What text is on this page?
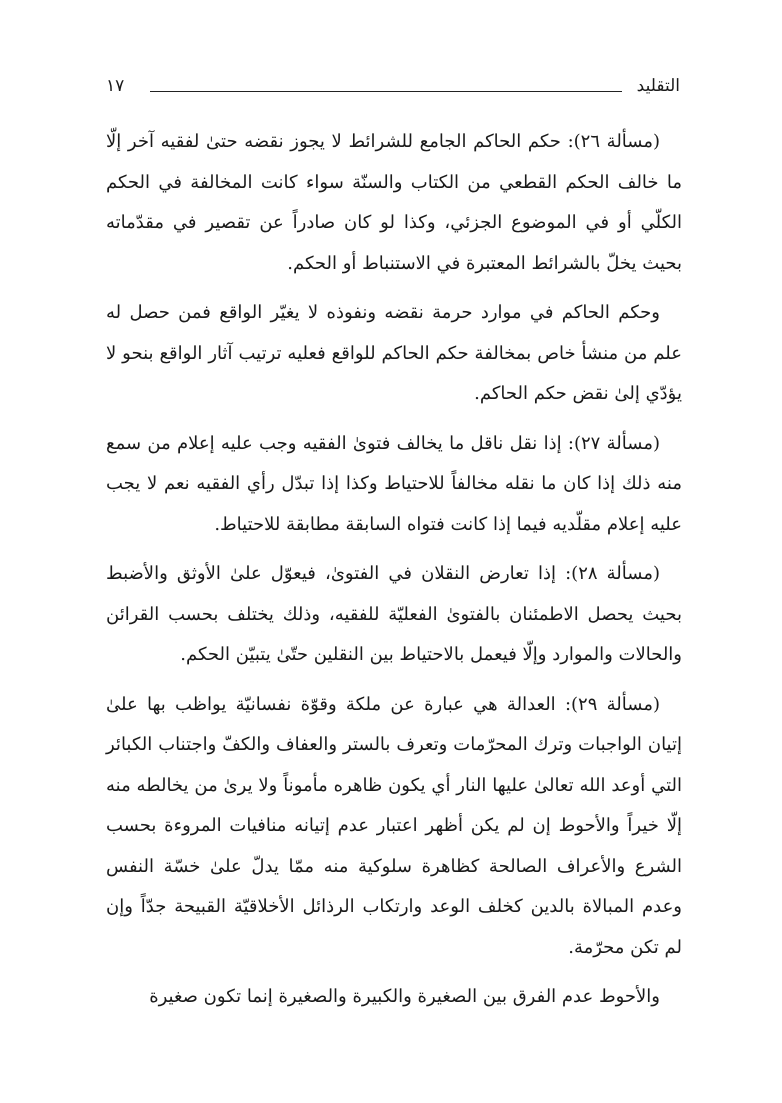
التقليد
١٧

(مسألة ٢٦): حكم الحاكم الجامع للشرائط لا يجوز نقضه حتىٰ لفقيه آخر إلّا ما خالف الحكم القطعي من الكتاب والسنّة سواء كانت المخالفة في الحكم الكلّي أو في الموضوع الجزئي، وكذا لو كان صادراً عن تقصير في مقدّماته بحيث يخلّ بالشرائط المعتبرة في الاستنباط أو الحكم.

وحكم الحاكم في موارد حرمة نقضه ونفوذه لا يغيّر الواقع فمن حصل له علم من منشأ خاص بمخالفة حكم الحاكم للواقع فعليه ترتيب آثار الواقع بنحو لا يؤدّي إلىٰ نقض حكم الحاكم.

(مسألة ٢٧): إذا نقل ناقل ما يخالف فتوىٰ الفقيه وجب عليه إعلام من سمع منه ذلك إذا كان ما نقله مخالفاً للاحتياط وكذا إذا تبدّل رأي الفقيه نعم لا يجب عليه إعلام مقلّديه فيما إذا كانت فتواه السابقة مطابقة للاحتياط.

(مسألة ٢٨): إذا تعارض النقلان في الفتوىٰ، فيعوّل علىٰ الأوثق والأضبط بحيث يحصل الاطمئنان بالفتوىٰ الفعليّة للفقيه، وذلك يختلف بحسب القرائن والحالات والموارد وإلّا فيعمل بالاحتياط بين النقلين حتّىٰ يتبيّن الحكم.

(مسألة ٢٩): العدالة هي عبارة عن ملكة وقوّة نفسانيّة يواظب بها علىٰ إتيان الواجبات وترك المحرّمات وتعرف بالستر والعفاف والكفّ واجتناب الكبائر التي أوعد الله تعالىٰ عليها النار أي يكون ظاهره مأموناً ولا يرىٰ من يخالطه منه إلّا خيراً والأحوط إن لم يكن أظهر اعتبار عدم إتيانه منافيات المروءة بحسب الشرع والأعراف الصالحة كظاهرة سلوكية منه ممّا يدلّ علىٰ خسّة النفس وعدم المبالاة بالدين كخلف الوعد وارتكاب الرذائل الأخلاقيّة القبيحة جدّاً وإن لم تكن محرّمة.

والأحوط عدم الفرق بين الصغيرة والكبيرة والصغيرة إنما تكون صغيرة
